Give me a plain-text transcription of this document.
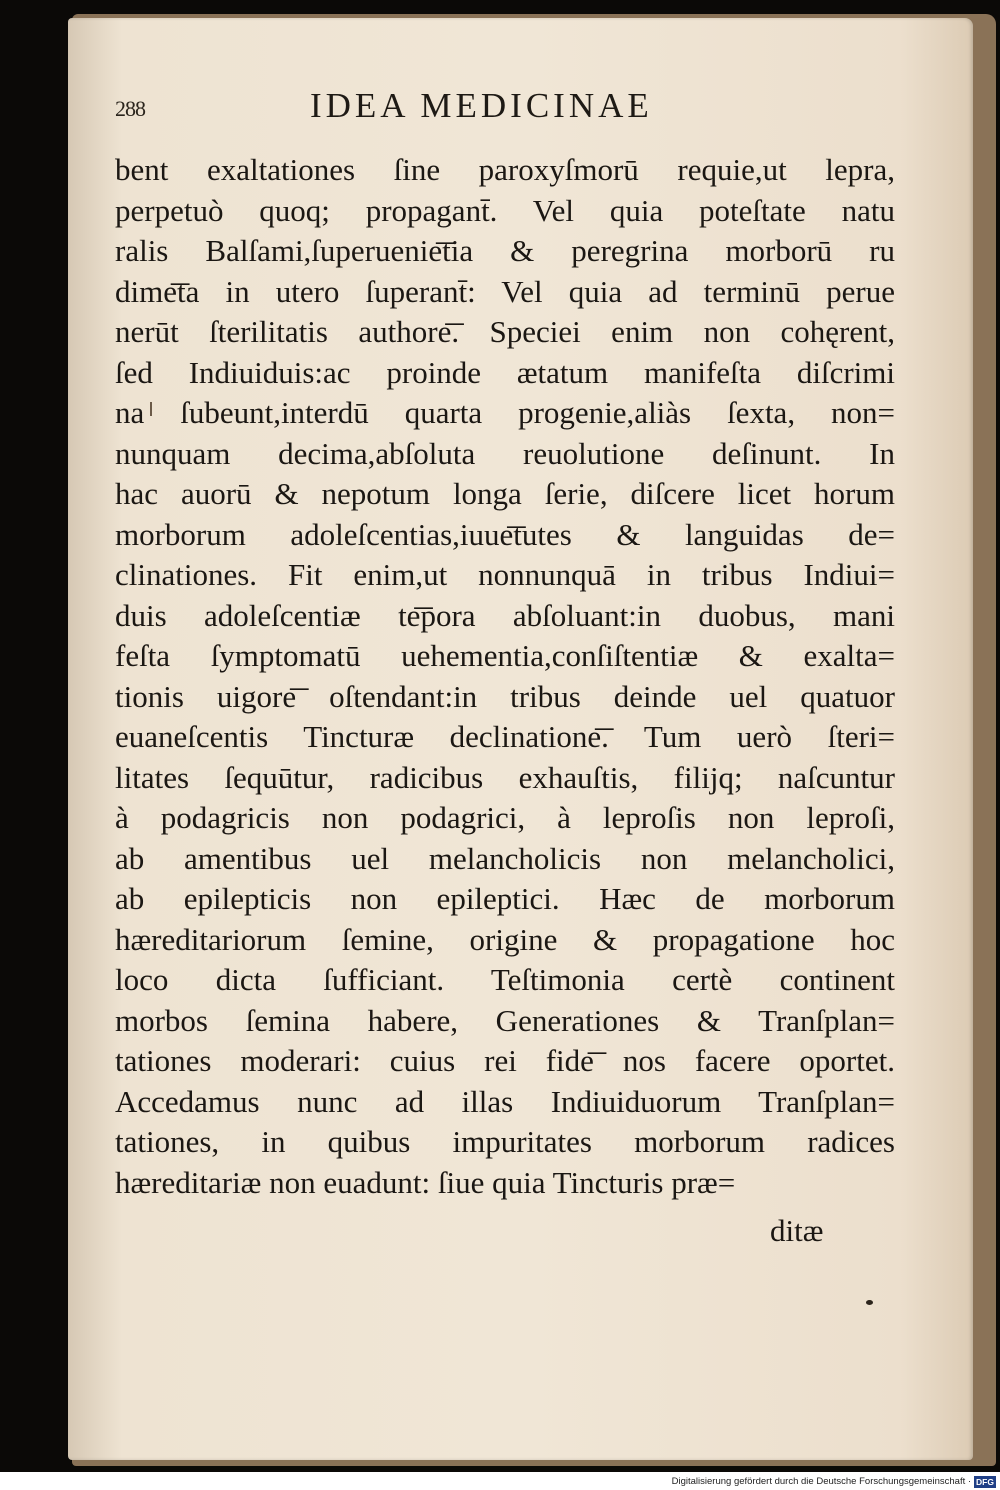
288	IDEA MEDICINAE
bent exaltationes ſine paroxyſmorū requie,ut lepra,
perpetuò quoq; propagant̄. Vel quia poteſtate natu
ralis Balſami,ſuperuenie͞tia & peregrina morborū ru
dime͞ta in utero ſuperant̄: Vel quia ad terminū perue
nerūt ſterilitatis authore͞. Speciei enim non cohęrent,
ſed Indiuiduis:ac proinde ætatum manifeſta diſcrimi
na ſubeunt,interdū quarta progenie,aliàs ſexta, non=
nunquam decima,abſoluta reuolutione deſinunt. In
hac auorū & nepotum longa ſerie, diſcere licet horum
morborum adoleſcentias,iuue͞tutes & languidas de=
clinationes. Fit enim,ut nonnunquā in tribus Indiui=
duis adoleſcentiæ te͞pora abſoluant:in duobus, mani
feſta ſymptomatū uehementia,conſiſtentiæ & exalta=
tionis uigore͞ oſtendant:in tribus deinde uel quatuor
euaneſcentis Tincturæ declinatione͞. Tum uerò ſteri=
litates ſequūtur, radicibus exhauſtis, filijq; naſcuntur
à podagricis non podagrici, à leproſis non leproſi,
ab amentibus uel melancholicis non melancholici,
ab epilepticis non epileptici. Hæc de morborum
hæreditariorum ſemine, origine & propagatione hoc
loco dicta ſufficiant. Teſtimonia certè continent
morbos ſemina habere, Generationes & Tranſplan=
tationes moderari: cuius rei fide͞ nos facere oportet.
Accedamus nunc ad illas Indiuiduorum Tranſplan=
tationes, in quibus impuritates morborum radices
hæreditariæ non euadunt: ſiue quia Tincturis præ=
ditæ
Digitalisierung gefördert durch die Deutsche Forschungsgemeinschaft · DFG
